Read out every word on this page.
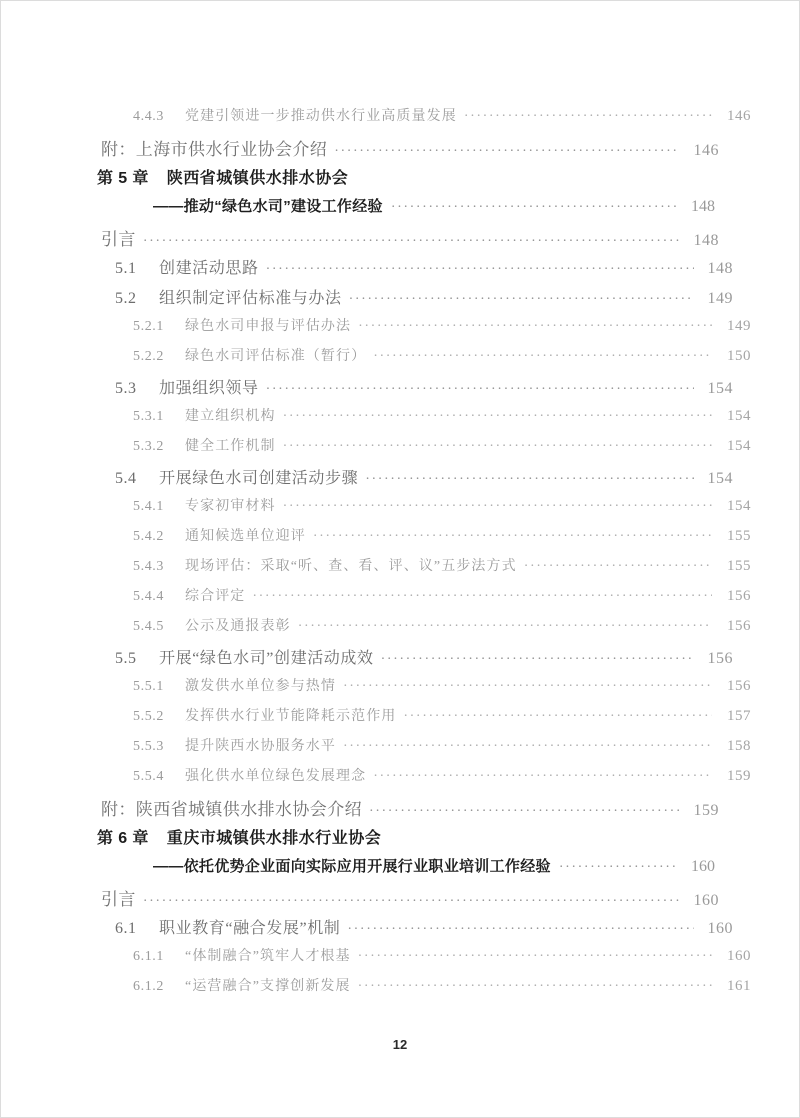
4.4.3	党建引领进一步推动供水行业高质量发展 ·····	146
附：上海市供水行业协会介绍 ·····	146
第 5 章 陕西省城镇供水排水协会
——推动“绿色水司”建设工作经验 ·····	148
引言 ·····	148
5.1	创建活动思路 ·····	148
5.2	组织制定评估标准与办法 ·····	149
5.2.1	绿色水司申报与评估办法 ·····	149
5.2.2	绿色水司评估标准（暂行） ·····	150
5.3	加强组织领导 ·····	154
5.3.1	建立组织机构 ·····	154
5.3.2	健全工作机制 ·····	154
5.4	开展绿色水司创建活动步骤 ·····	154
5.4.1	专家初审材料 ·····	154
5.4.2	通知候选单位迎评 ·····	155
5.4.3	现场评估：采取“听、查、看、评、议”五步法方式 ·····	155
5.4.4	综合评定 ·····	156
5.4.5	公示及通报表彰 ·····	156
5.5	开展“绿色水司”创建活动成效 ·····	156
5.5.1	激发供水单位参与热情 ·····	156
5.5.2	发挥供水行业节能降耗示范作用 ·····	157
5.5.3	提升陕西水协服务水平 ·····	158
5.5.4	强化供水单位绿色发展理念 ·····	159
附：陕西省城镇供水排水协会介绍 ·····	159
第 6 章 重庆市城镇供水排水行业协会
——依托优势企业面向实际应用开展行业职业培训工作经验 ·····	160
引言 ·····	160
6.1	职业教育“融合发展”机制 ·····	160
6.1.1	“体制融合”筑牢人才根基 ·····	160
6.1.2	“运营融合”支撑创新发展 ·····	161
12
